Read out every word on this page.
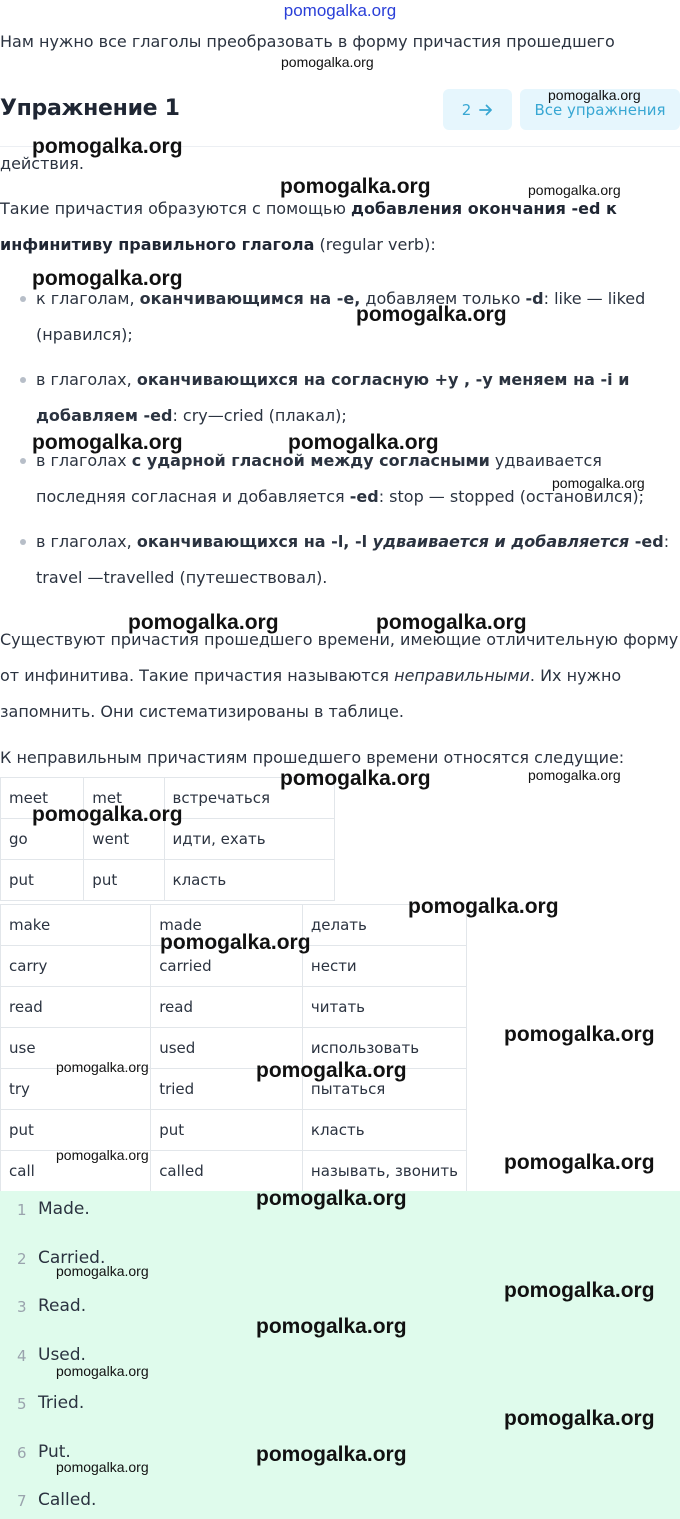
pomogalka.org
Нам нужно все глаголы преобразовать в форму причастия прошедшего
Упражнение 1	2	Все упражнения
действия.
Такие причастия образуются с помощью добавления окончания -ed к инфинитиву правильного глагола (regular verb):
к глаголам, оканчивающимся на -e, добавляем только -d: like — liked (нравился);
в глаголах, оканчивающихся на согласную +y , -y меняем на -i и добавляем -ed: cry—cried (плакал);
в глаголах с ударной гласной между согласными удваивается последняя согласная и добавляется -ed: stop — stopped (остановился);
в глаголах, оканчивающихся на -l, -l удваивается и добавляется -ed: travel —travelled (путешествовал).
Существуют причастия прошедшего времени, имеющие отличительную форму от инфинитива. Такие причастия называются неправильными. Их нужно запомнить. Они систематизированы в таблице.
К неправильным причастиям прошедшего времени относятся следущие:
meet	met	встречаться
go	went	идти, ехать
put	put	класть
make	made	делать
carry	carried	нести
read	read	читать
use	used	использовать
try	tried	пытаться
put	put	класть
call	called	называть, звонить
1 Made.
2 Carried.
3 Read.
4 Used.
5 Tried.
6 Put.
7 Called.
pomogalka.org
pomogalka.org
pomogalka.org
pomogalka.org	pomogalka.org
pomogalka.org
pomogalka.org
pomogalka.org	pomogalka.org
pomogalka.org
pomogalka.org	pomogalka.org
pomogalka.org	pomogalka.org
pomogalka.org
pomogalka.org
pomogalka.org
pomogalka.org
pomogalka.org	pomogalka.org
pomogalka.org	pomogalka.org
pomogalka.org
pomogalka.org
pomogalka.org
pomogalka.org
pomogalka.org
pomogalka.org
pomogalka.org
pomogalka.org
